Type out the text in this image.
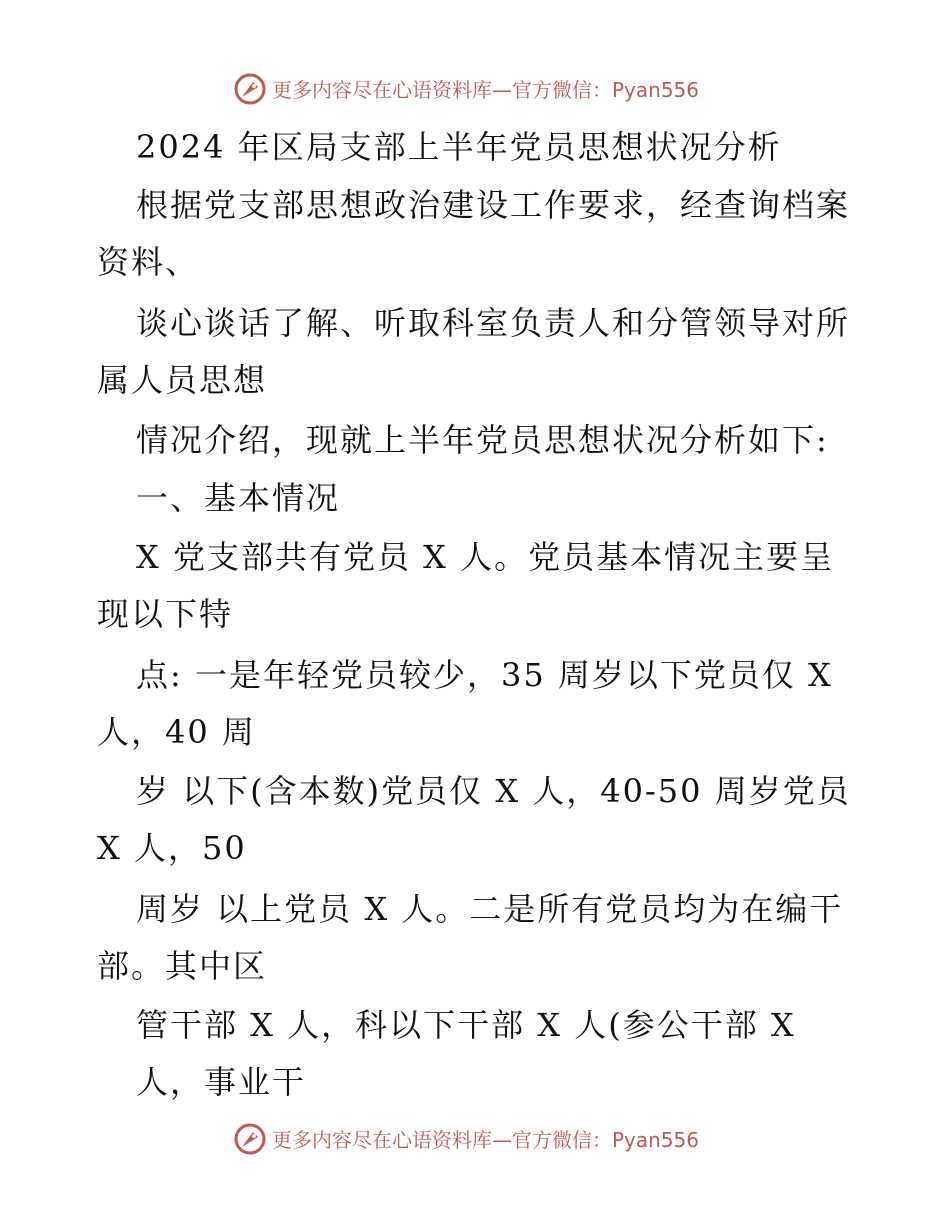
更多内容尽在心语资料库—官方微信：Pyan556
2024 年区局支部上半年党员思想状况分析
根据党支部思想政治建设工作要求，经查询档案
资料、
谈心谈话了解、听取科室负责人和分管领导对所
属人员思想
情况介绍，现就上半年党员思想状况分析如下:
一、基本情况
X 党支部共有党员 X 人。党员基本情况主要呈
现以下特
点: 一是年轻党员较少，35 周岁以下党员仅 X
人，40 周
岁 以下(含本数)党员仅 X 人，40-50 周岁党员
X 人，50
周岁 以上党员 X 人。二是所有党员均为在编干
部。其中区
管干部 X 人，科以下干部 X 人(参公干部 X
人，事业干
更多内容尽在心语资料库—官方微信：Pyan556
